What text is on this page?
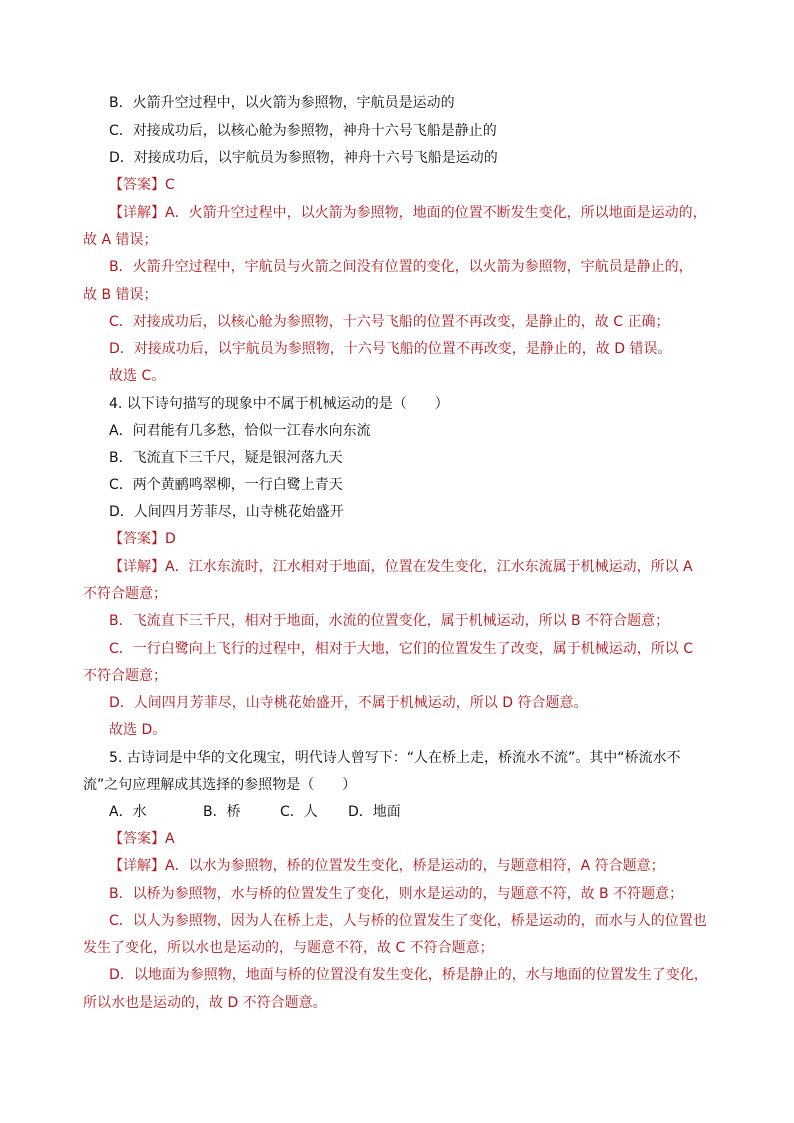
B．火箭升空过程中，以火箭为参照物，宇航员是运动的
C．对接成功后，以核心舱为参照物，神舟十六号飞船是静止的
D．对接成功后，以宇航员为参照物，神舟十六号飞船是运动的
【答案】C
【详解】A．火箭升空过程中，以火箭为参照物，地面的位置不断发生变化，所以地面是运动的，
故 A 错误；
B．火箭升空过程中，宇航员与火箭之间没有位置的变化，以火箭为参照物，宇航员是静止的，
故 B 错误；
C．对接成功后，以核心舱为参照物，十六号飞船的位置不再改变，是静止的，故 C 正确；
D．对接成功后，以宇航员为参照物，十六号飞船的位置不再改变，是静止的，故 D 错误。
故选 C。
4. 以下诗句描写的现象中不属于机械运动的是（　　）
A．问君能有几多愁，恰似一江春水向东流
B．飞流直下三千尺，疑是银河落九天
C．两个黄鹂鸣翠柳，一行白鹭上青天
D．人间四月芳菲尽，山寺桃花始盛开
【答案】D
【详解】A．江水东流时，江水相对于地面，位置在发生变化，江水东流属于机械运动，所以 A
不符合题意；
B．飞流直下三千尺，相对于地面，水流的位置变化，属于机械运动，所以 B 不符合题意；
C．一行白鹭向上飞行的过程中，相对于大地，它们的位置发生了改变，属于机械运动，所以 C
不符合题意；
D．人间四月芳菲尽，山寺桃花始盛开，不属于机械运动，所以 D 符合题意。
故选 D。
5. 古诗词是中华的文化瑰宝，明代诗人曾写下：“人在桥上走，桥流水不流”。其中“桥流水不
流”之句应理解成其选择的参照物是（　　）
A．水	B．桥	C．人 D．地面
【答案】A
【详解】A．以水为参照物，桥的位置发生变化，桥是运动的，与题意相符，A 符合题意；
B．以桥为参照物，水与桥的位置发生了变化，则水是运动的，与题意不符，故 B 不符题意；
C．以人为参照物，因为人在桥上走，人与桥的位置发生了变化，桥是运动的，而水与人的位置也
发生了变化，所以水也是运动的，与题意不符，故 C 不符合题意；
D．以地面为参照物，地面与桥的位置没有发生变化，桥是静止的，水与地面的位置发生了变化，
所以水也是运动的，故 D 不符合题意。
